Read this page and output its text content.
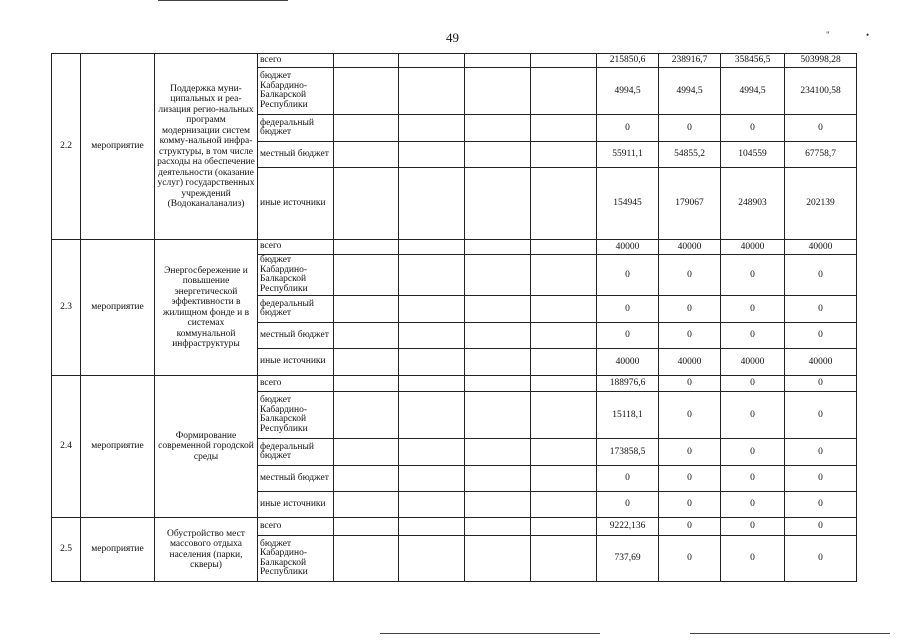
"	•
49
2.2	мероприятие	Поддержка муни-ципальных и реа-лизация регио-нальных программ модернизации систем комму-нальной инфра-структуры, в том числе расходы на обеспечение деятельности (оказание услуг) государственных учреждений (Водоканаланализ)	всего					215850,6	238916,7	358456,5	503998,28
			бюджет Кабардино-Балкарской Республики					4994,5	4994,5	4994,5	234100,58
			федеральный бюджет					0	0	0	0
			местный бюджет					55911,1	54855,2	104559	67758,7
			иные источники					154945	179067	248903	202139
2.3	мероприятие	Энергосбережение и повышение энергетической эффективности в жилищном фонде и в системах коммунальной инфраструктуры	всего					40000	40000	40000	40000
			бюджет Кабардино-Балкарской Республики					0	0	0	0
			федеральный бюджет					0	0	0	0
			местный бюджет					0	0	0	0
			иные источники					40000	40000	40000	40000
2.4	мероприятие	Формирование современной городской среды	всего					188976,6	0	0	0
			бюджет Кабардино-Балкарской Республики					15118,1	0	0	0
			федеральный бюджет					173858,5	0	0	0
			местный бюджет					0	0	0	0
			иные источники					0	0	0	0
2.5	мероприятие	Обустройство мест массового отдыха населения (парки, скверы)	всего					9222,136	0	0	0
			бюджет Кабардино-Балкарской Республики					737,69	0	0	0
